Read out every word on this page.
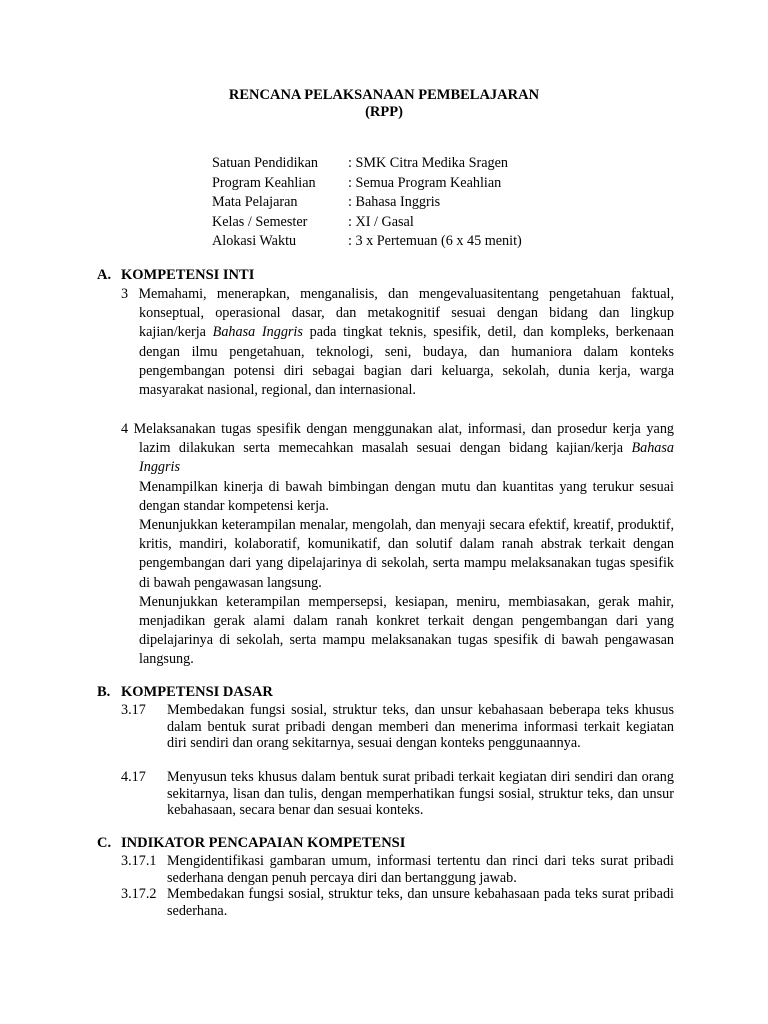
RENCANA PELAKSANAAN PEMBELAJARAN
(RPP)
Satuan Pendidikan	: SMK Citra Medika Sragen
Program Keahlian	: Semua Program Keahlian
Mata Pelajaran	: Bahasa Inggris
Kelas / Semester	: XI / Gasal
Alokasi Waktu	: 3 x Pertemuan (6 x 45 menit)
A. KOMPETENSI INTI

3 Memahami, menerapkan, menganalisis, dan mengevaluasitentang pengetahuan faktual, konseptual, operasional dasar, dan metakognitif sesuai dengan bidang dan lingkup kajian/kerja Bahasa Inggris pada tingkat teknis, spesifik, detil, dan kompleks, berkenaan dengan ilmu pengetahuan, teknologi, seni, budaya, dan humaniora dalam konteks pengembangan potensi diri sebagai bagian dari keluarga, sekolah, dunia kerja, warga masyarakat nasional, regional, dan internasional.

4 Melaksanakan tugas spesifik dengan menggunakan alat, informasi, dan prosedur kerja yang lazim dilakukan serta memecahkan masalah sesuai dengan bidang kajian/kerja Bahasa Inggris

Menampilkan kinerja di bawah bimbingan dengan mutu dan kuantitas yang terukur sesuai dengan standar kompetensi kerja.

Menunjukkan keterampilan menalar, mengolah, dan menyaji secara efektif, kreatif, produktif, kritis, mandiri, kolaboratif, komunikatif, dan solutif dalam ranah abstrak terkait dengan pengembangan dari yang dipelajarinya di sekolah, serta mampu melaksanakan tugas spesifik di bawah pengawasan langsung.

Menunjukkan keterampilan mempersepsi, kesiapan, meniru, membiasakan, gerak mahir, menjadikan gerak alami dalam ranah konkret terkait dengan pengembangan dari yang dipelajarinya di sekolah, serta mampu melaksanakan tugas spesifik di bawah pengawasan langsung.

B. KOMPETENSI DASAR
3.17 Membedakan fungsi sosial, struktur teks, dan unsur kebahasaan beberapa teks khusus dalam bentuk surat pribadi dengan memberi dan menerima informasi terkait kegiatan diri sendiri dan orang sekitarnya, sesuai dengan konteks penggunaannya.
4.17 Menyusun teks khusus dalam bentuk surat pribadi terkait kegiatan diri sendiri dan orang sekitarnya, lisan dan tulis, dengan memperhatikan fungsi sosial, struktur teks, dan unsur kebahasaan, secara benar dan sesuai konteks.
C. INDIKATOR PENCAPAIAN KOMPETENSI
3.17.1 Mengidentifikasi gambaran umum, informasi tertentu dan rinci dari teks surat pribadi sederhana dengan penuh percaya diri dan bertanggung jawab.
3.17.2 Membedakan fungsi sosial, struktur teks, dan unsure kebahasaan pada teks surat pribadi sederhana.
